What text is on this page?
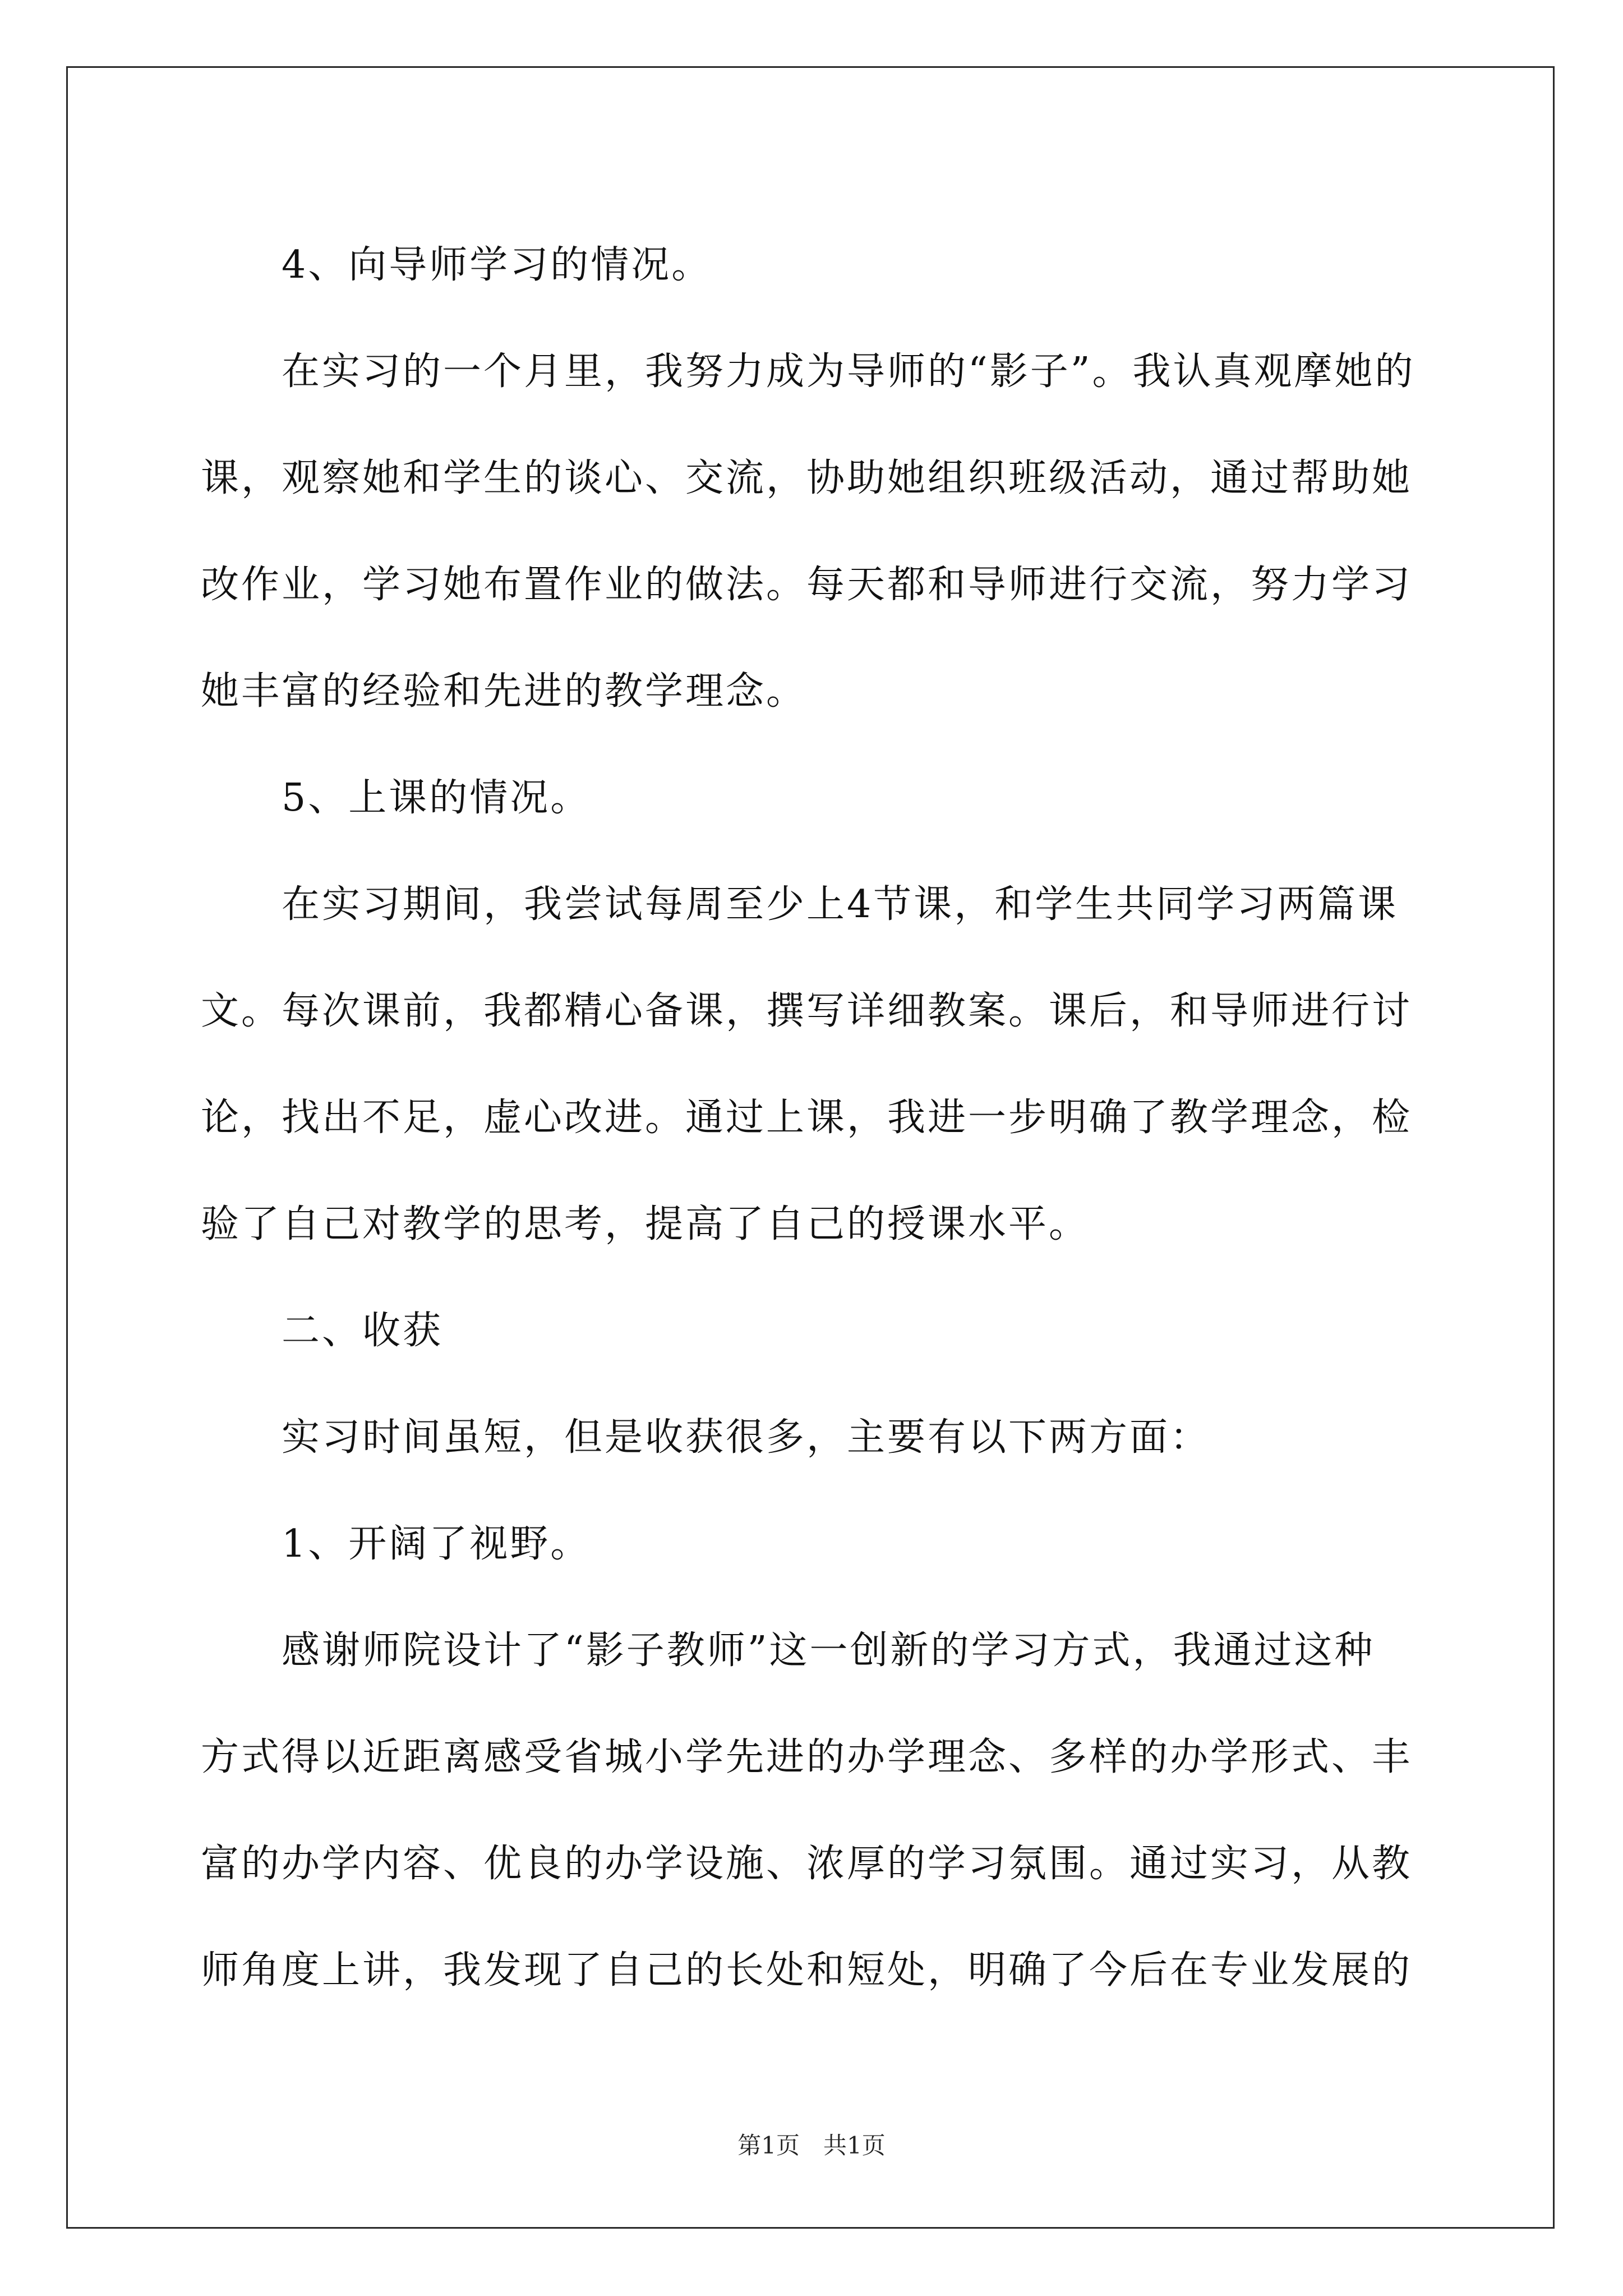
　　4、向导师学习的情况。

　　在实习的一个月里，我努力成为导师的“影子”。我认真观摩她的

课，观察她和学生的谈心、交流，协助她组织班级活动，通过帮助她

改作业，学习她布置作业的做法。每天都和导师进行交流，努力学习

她丰富的经验和先进的教学理念。

　　5、上课的情况。

　　在实习期间，我尝试每周至少上4节课，和学生共同学习两篇课

文。每次课前，我都精心备课，撰写详细教案。课后，和导师进行讨

论，找出不足，虚心改进。通过上课，我进一步明确了教学理念，检

验了自己对教学的思考，提高了自己的授课水平。

　　二、收获

　　实习时间虽短，但是收获很多，主要有以下两方面：

　　1、开阔了视野。

　　感谢师院设计了“影子教师”这一创新的学习方式，我通过这种

方式得以近距离感受省城小学先进的办学理念、多样的办学形式、丰

富的办学内容、优良的办学设施、浓厚的学习氛围。通过实习，从教

师角度上讲，我发现了自己的长处和短处，明确了今后在专业发展的

第1页　共1页
